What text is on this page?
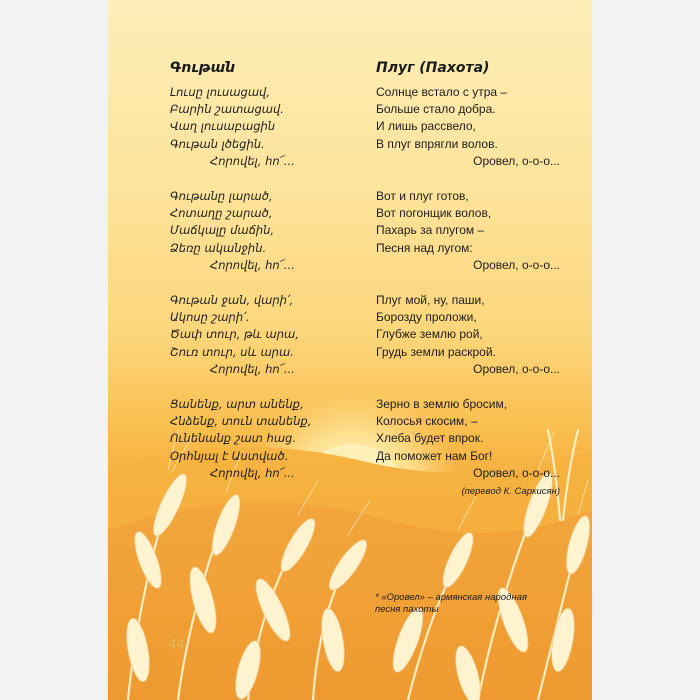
Գութան
Լուսը լուսացավ,
Բարին շատացավ.
Վաղ լուսաբացին
Գութան լծեցին.
Հորովել, հո՜...
Գութանը լարած,
Հոտաղը շարած,
Մաճկալը մաճին,
Ձեռը ականջին.
Հորովել, հո՜...
Գութան ջան, վարի՛,
Ակոսը շարի՛.
Ծափ տուր, թև արա,
Շուռ տուր, սև արա.
Հորովել, հո՜...
Ցանենք, արտ անենք,
Հնձենք, տուն տանենք,
Ունենանք շատ հաց.
Օրհնյալ է Աստված.
Հորովել, հո՜...
Плуг (Пахота)
Солнце встало с утра –
Больше стало добра.
И лишь рассвело,
В плуг впрягли волов.
Оровел, о-о-о...
Вот и плуг готов,
Вот погонщик волов,
Пахарь за плугом –
Песня над лугом:
Оровел, о-о-о...
Плуг мой, ну, паши,
Борозду проложи,
Глубже землю рой,
Грудь земли раскрой.
Оровел, о-о-о...
Зерно в землю бросим,
Колосья скосим, –
Хлеба будет впрок.
Да поможет нам Бог!
Оровел, о-о-о...
(перевод К. Саркисян)
* «Оровел» – армянская народная песня пахоты
44
